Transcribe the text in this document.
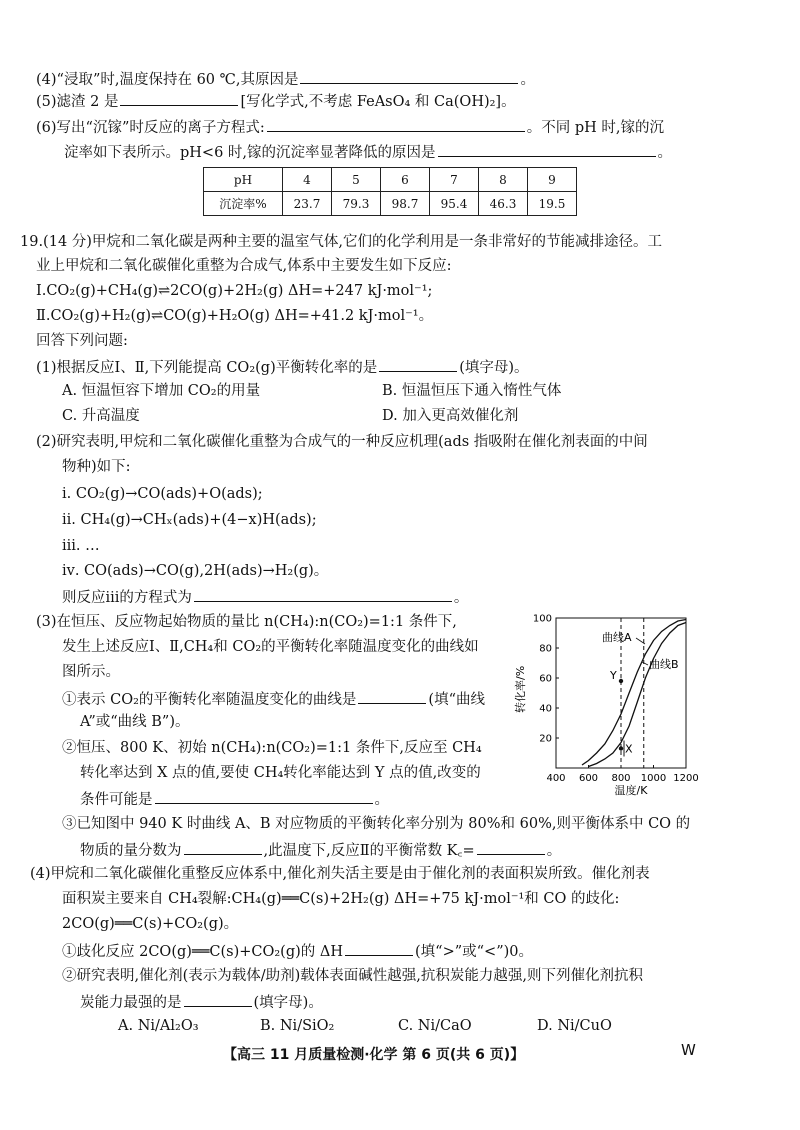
(4)“浸取”时,温度保持在 60 ℃,其原因是	。
(5)滤渣 2 是	[写化学式,不考虑 FeAsO₄ 和 Ca(OH)₂]。
(6)写出“沉镓”时反应的离子方程式:	。不同 pH 时,镓的沉
淀率如下表所示。pH<6 时,镓的沉淀率显著降低的原因是	。
pH	4	5	6	7	8	9
沉淀率%	23.7	79.3	98.7	95.4	46.3	19.5
19.(14 分)甲烷和二氧化碳是两种主要的温室气体,它们的化学利用是一条非常好的节能减排途径。工
业上甲烷和二氧化碳催化重整为合成气,体系中主要发生如下反应:
Ⅰ.CO₂(g)+CH₄(g)⇌2CO(g)+2H₂(g) ΔH=+247 kJ·mol⁻¹;
Ⅱ.CO₂(g)+H₂(g)⇌CO(g)+H₂O(g) ΔH=+41.2 kJ·mol⁻¹。
回答下列问题:
(1)根据反应Ⅰ、Ⅱ,下列能提高 CO₂(g)平衡转化率的是	(填字母)。
A. 恒温恒容下增加 CO₂的用量	B. 恒温恒压下通入惰性气体
C. 升高温度	D. 加入更高效催化剂
(2)研究表明,甲烷和二氧化碳催化重整为合成气的一种反应机理(ads 指吸附在催化剂表面的中间
物种)如下:
ⅰ. CO₂(g)→CO(ads)+O(ads);
ⅱ. CH₄(g)→CHₓ(ads)+(4−x)H(ads);
ⅲ. …
ⅳ. CO(ads)→CO(g),2H(ads)→H₂(g)。
则反应ⅲ的方程式为	。
(3)在恒压、反应物起始物质的量比 n(CH₄):n(CO₂)=1:1 条件下,
发生上述反应Ⅰ、Ⅱ,CH₄和 CO₂的平衡转化率随温度变化的曲线如
图所示。
①表示 CO₂的平衡转化率随温度变化的曲线是	(填“曲线
A”或“曲线 B”)。
②恒压、800 K、初始 n(CH₄):n(CO₂)=1:1 条件下,反应至 CH₄
转化率达到 X 点的值,要使 CH₄转化率能达到 Y 点的值,改变的
条件可能是	。
③已知图中 940 K 时曲线 A、B 对应物质的平衡转化率分别为 80%和 60%,则平衡体系中 CO 的
物质的量分数为	,此温度下,反应Ⅱ的平衡常数 K꜀=	。
(4)甲烷和二氧化碳催化重整反应体系中,催化剂失活主要是由于催化剂的表面积炭所致。催化剂表
面积炭主要来自 CH₄裂解:CH₄(g)══C(s)+2H₂(g) ΔH=+75 kJ·mol⁻¹和 CO 的歧化:
2CO(g)══C(s)+CO₂(g)。
①歧化反应 2CO(g)══C(s)+CO₂(g)的 ΔH	(填“>”或“<”)0。
②研究表明,催化剂(表示为载体/助剂)载体表面碱性越强,抗积炭能力越强,则下列催化剂抗积
炭能力最强的是	(填字母)。
A. Ni/Al₂O₃	B. Ni/SiO₂	C. Ni/CaO	D. Ni/CuO
【高三 11 月质量检测·化学 第 6 页(共 6 页)】	W
400 600 800 1000 1200
20
40
60
80
100
Y
X
转化率/%
温度/K
曲线A
曲线B
